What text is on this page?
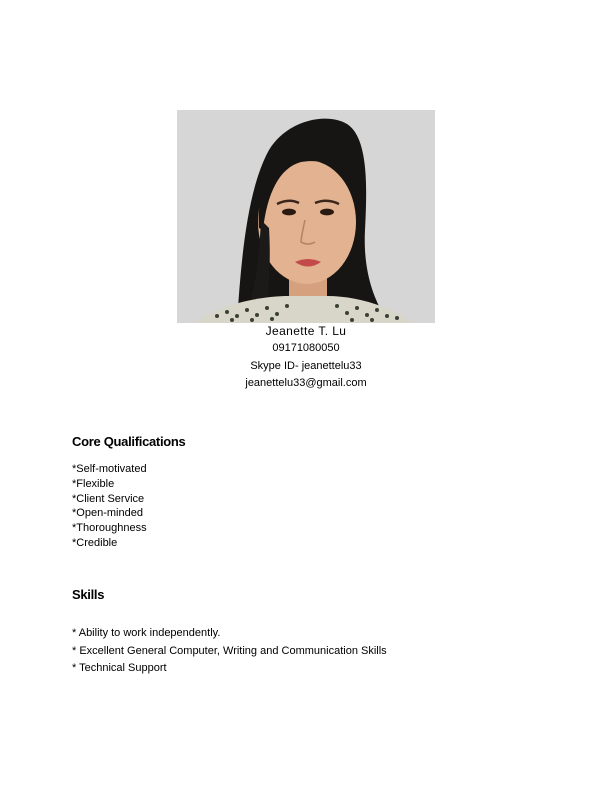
Jeanette T. Lu
09171080050
Skype ID- jeanettelu33
jeanettelu33@gmail.com
Core Qualifications
*Self-motivated
*Flexible
*Client Service
*Open-minded
*Thoroughness
*Credible
Skills
* Ability to work independently.
* Excellent General Computer, Writing and Communication Skills
* Technical Support
